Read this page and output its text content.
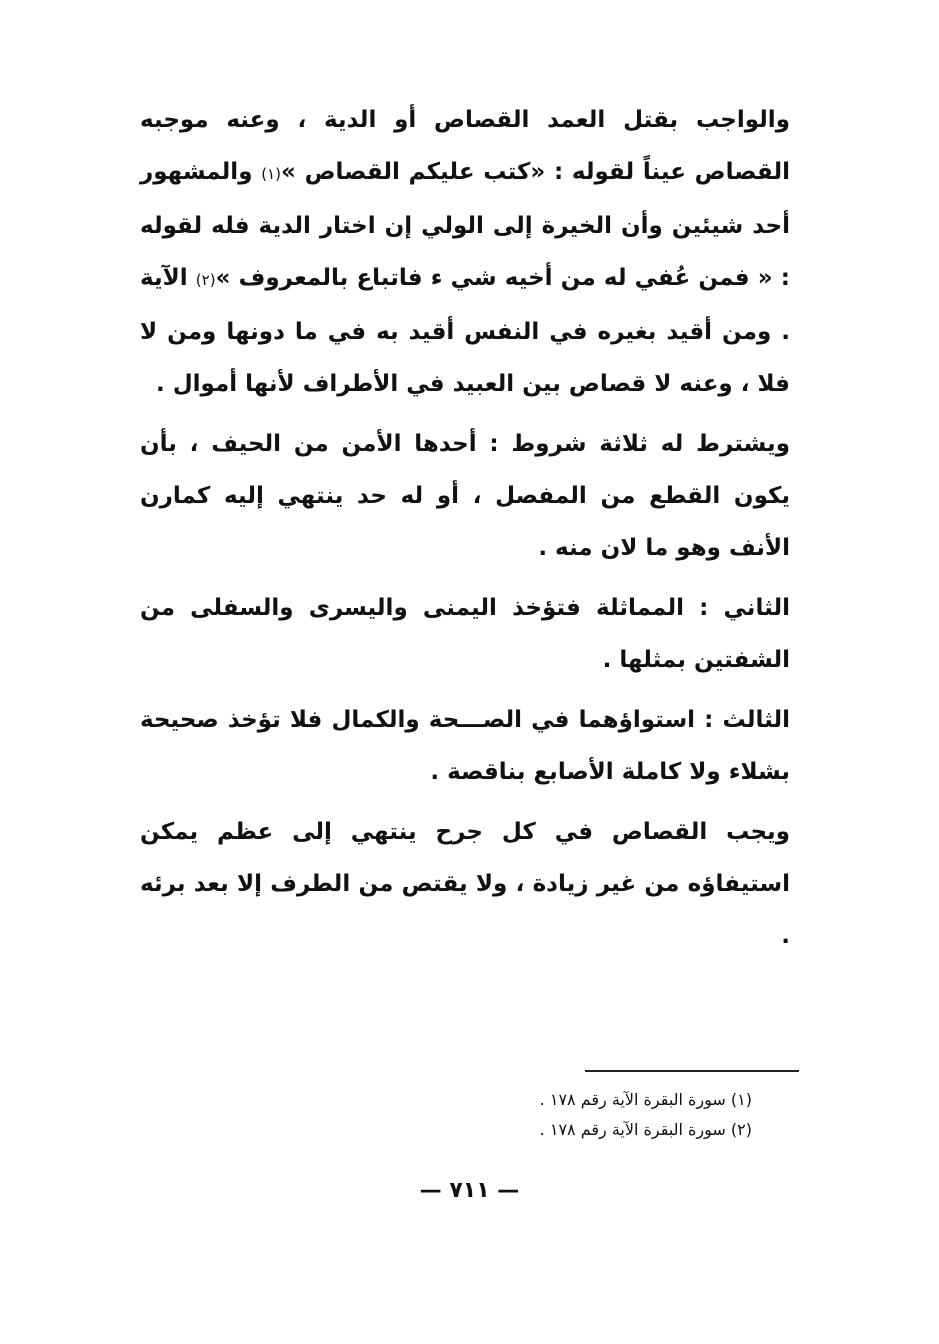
والواجب بقتل العمد القصاص أو الدية ، وعنه موجبه القصاص عيناً لقوله : «كتب عليكم القصاص »(١) والمشهور أحد شيئين وأن الخيرة إلى الولي إن اختار الدية فله لقوله : « فمن عُفي له من أخيه شي ء فاتباع بالمعروف »(٢) الآية . ومن أقيد بغيره في النفس أقيد به في ما دونها ومن لا فلا ، وعنه لا قصاص بين العبيد في الأطراف لأنها أموال .

ويشترط له ثلاثة شروط : أحدها الأمن من الحيف ، بأن يكون القطع من المفصل ، أو له حد ينتهي إليه كمارن الأنف وهو ما لان منه .

الثاني : المماثلة فتؤخذ اليمنى واليسرى والسفلى من الشفتين بمثلها .

الثالث : استواؤهما في الصـــحة والكمال فلا تؤخذ صحيحة بشلاء ولا كاملة الأصابع بناقصة .

ويجب القصاص في كل جرح ينتهي إلى عظم يمكن استيفاؤه من غير زيادة ، ولا يقتص من الطرف إلا بعد برئه .

(١) سورة البقرة الآية رقم ١٧٨ .
(٢) سورة البقرة الآية رقم ١٧٨ .
— ٧١١ —
